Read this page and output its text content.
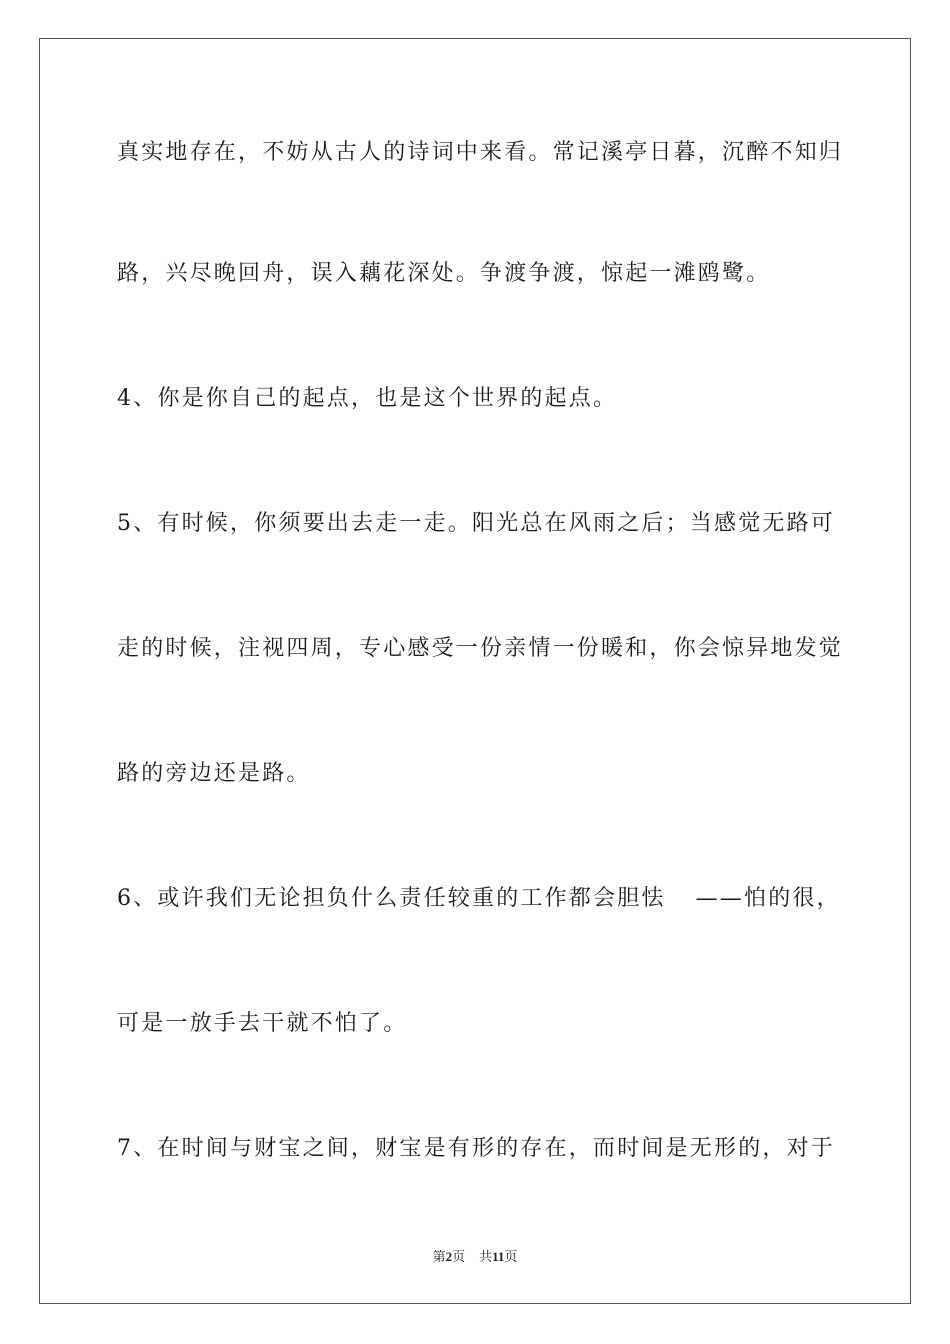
真实地存在，不妨从古人的诗词中来看。常记溪亭日暮，沉醉不知归
路，兴尽晚回舟，误入藕花深处。争渡争渡，惊起一滩鸥鹭。
4、你是你自己的起点，也是这个世界的起点。
5、有时候，你须要出去走一走。阳光总在风雨之后；当感觉无路可
走的时候，注视四周，专心感受一份亲情一份暖和，你会惊异地发觉
路的旁边还是路。
6、或许我们无论担负什么责任较重的工作都会胆怯 ——怕的很，
可是一放手去干就不怕了。
7、在时间与财宝之间，财宝是有形的存在，而时间是无形的，对于
第2页 共11页
